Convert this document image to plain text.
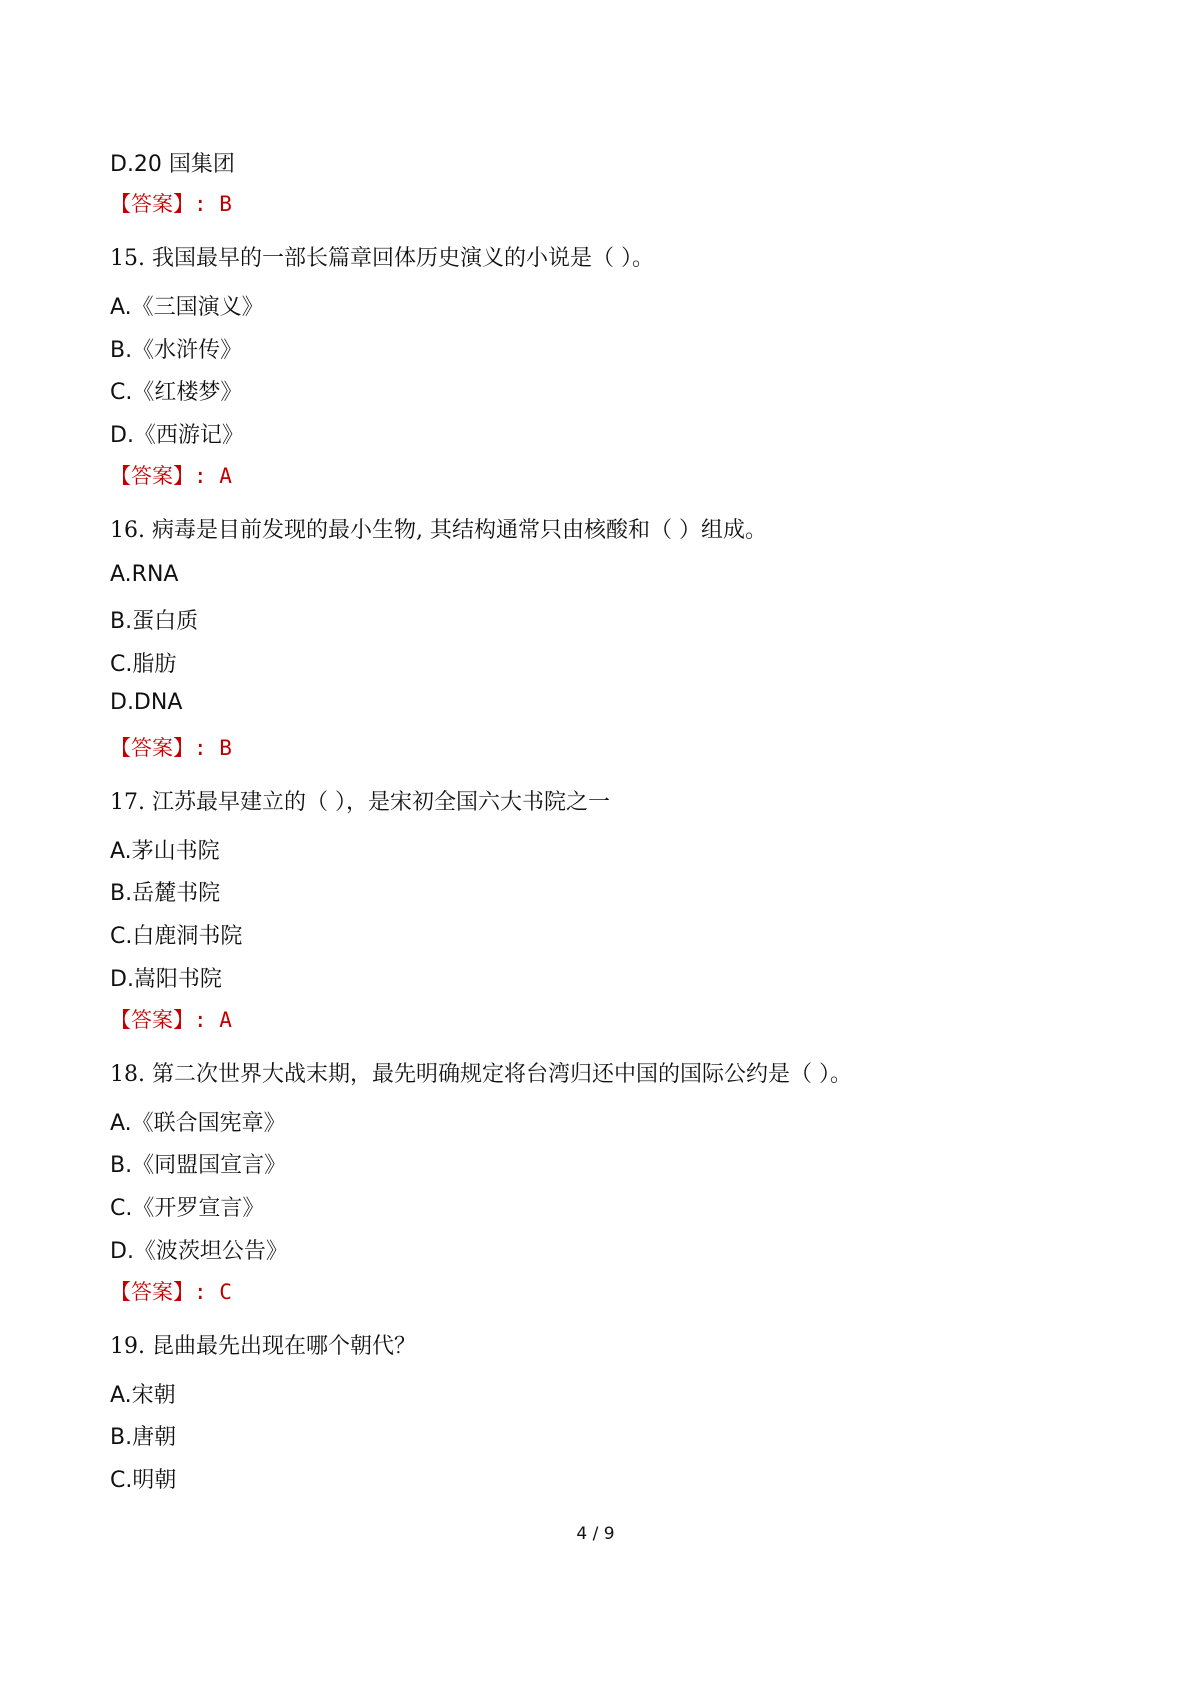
D.20 国集团
【答案】: B
15. 我国最早的一部长篇章回体历史演义的小说是（ ）。
A.《三国演义》
B.《水浒传》
C.《红楼梦》
D.《西游记》
【答案】: A
16. 病毒是目前发现的最小生物, 其结构通常只由核酸和（ ）组成。
A.RNA
B.蛋白质
C.脂肪
D.DNA
【答案】: B
17. 江苏最早建立的（ ），是宋初全国六大书院之一
A.茅山书院
B.岳麓书院
C.白鹿洞书院
D.嵩阳书院
【答案】: A
18. 第二次世界大战末期，最先明确规定将台湾归还中国的国际公约是（ ）。
A.《联合国宪章》
B.《同盟国宣言》
C.《开罗宣言》
D.《波茨坦公告》
【答案】: C
19. 昆曲最先出现在哪个朝代？
A.宋朝
B.唐朝
C.明朝
4 / 9
